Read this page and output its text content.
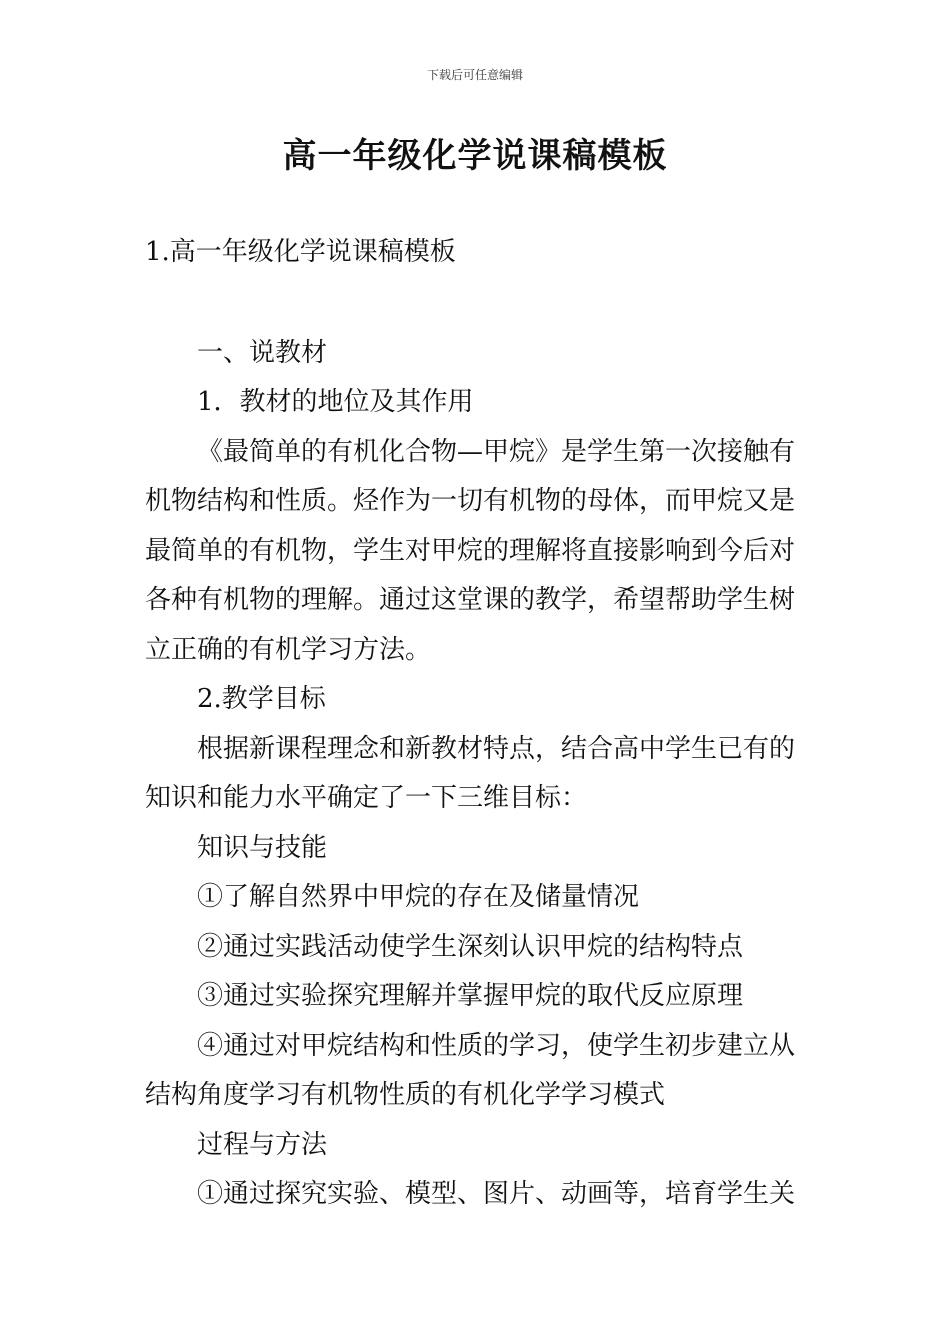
下载后可任意编辑
高一年级化学说课稿模板

1.高一年级化学说课稿模板

一、说教材

1．教材的地位及其作用

《最简单的有机化合物—甲烷》是学生第一次接触有机物结构和性质。烃作为一切有机物的母体，而甲烷又是最简单的有机物，学生对甲烷的理解将直接影响到今后对各种有机物的理解。通过这堂课的教学，希望帮助学生树立正确的有机学习方法。

2.教学目标

根据新课程理念和新教材特点，结合高中学生已有的知识和能力水平确定了一下三维目标：

知识与技能

①了解自然界中甲烷的存在及储量情况

②通过实践活动使学生深刻认识甲烷的结构特点

③通过实验探究理解并掌握甲烷的取代反应原理

④通过对甲烷结构和性质的学习，使学生初步建立从结构角度学习有机物性质的有机化学学习模式

过程与方法

①通过探究实验、模型、图片、动画等，培育学生关
